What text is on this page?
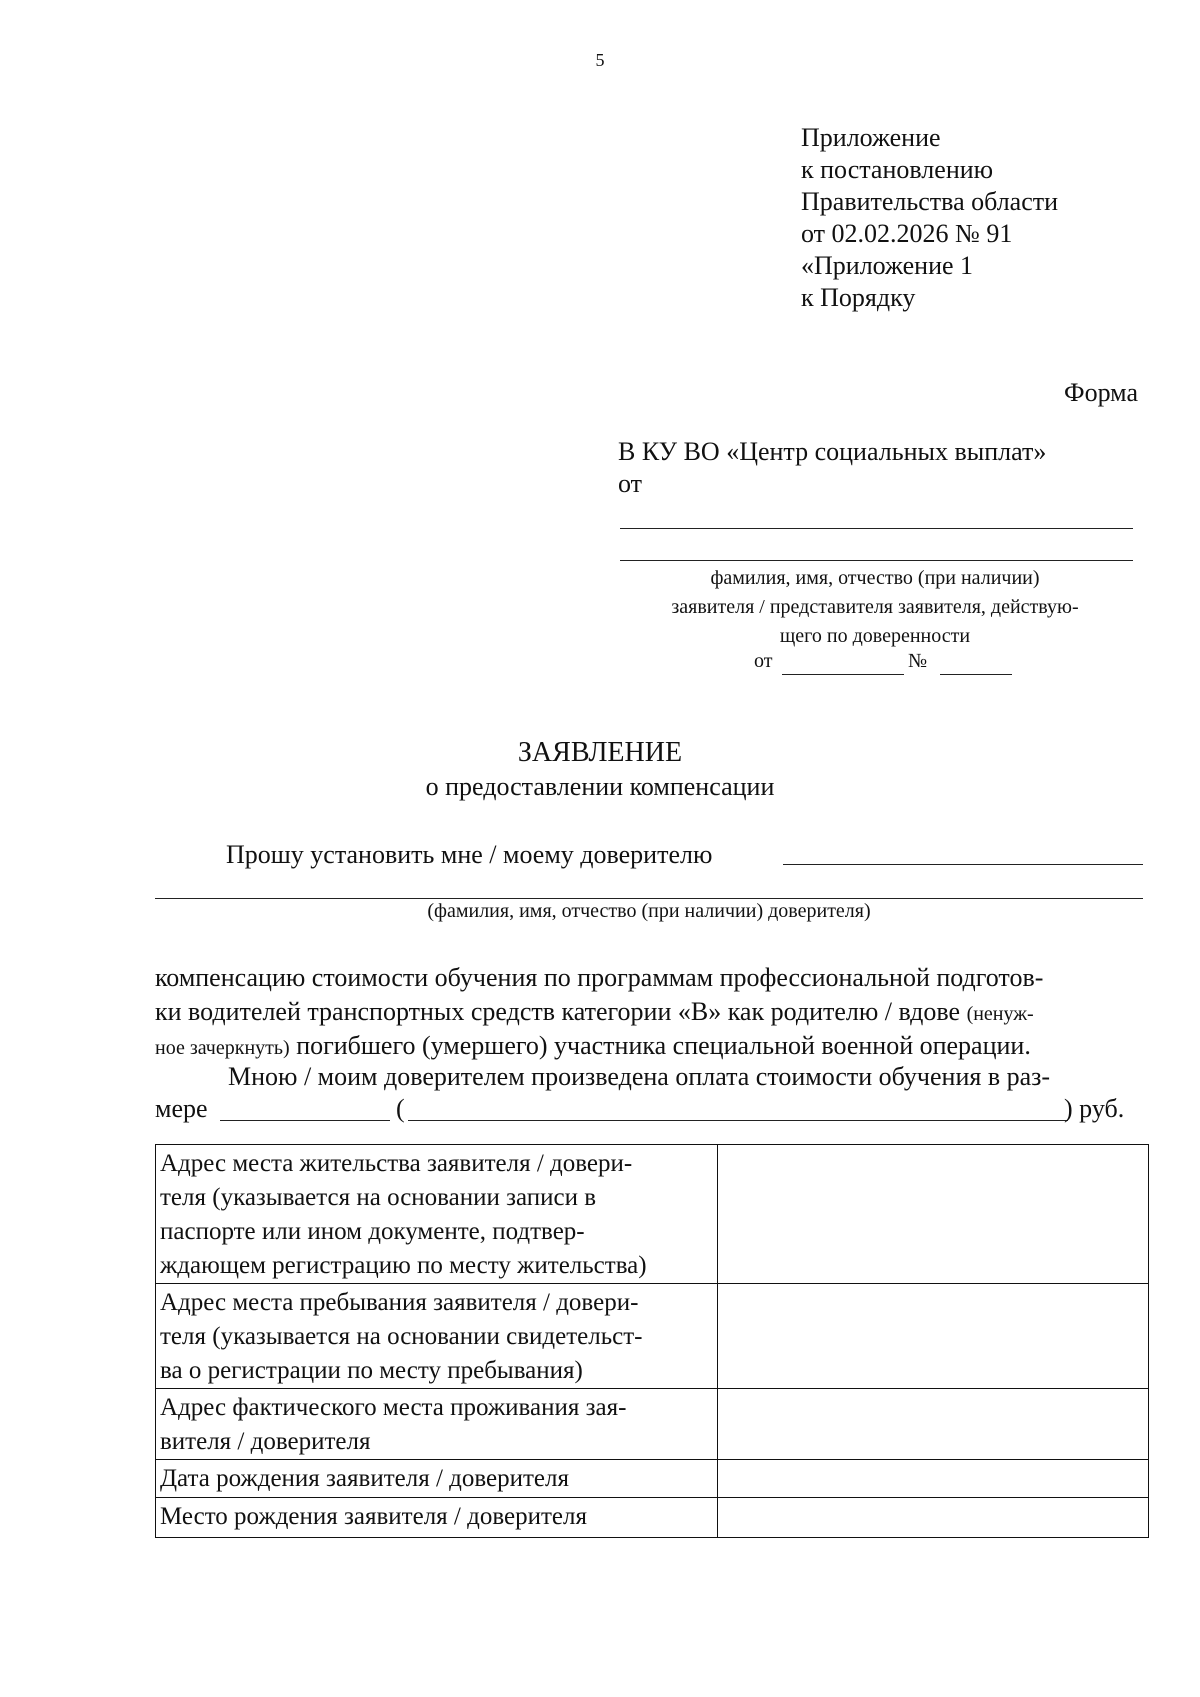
5
Приложение
к постановлению
Правительства области
от 02.02.2026 № 91
«Приложение 1
к Порядку
Форма
В КУ ВО «Центр социальных выплат»
от
фамилия, имя, отчество (при наличии)
заявителя / представителя заявителя, действую-
щего по доверенности
от	№
ЗАЯВЛЕНИЕ
о предоставлении компенсации
Прошу установить мне / моему доверителю
(фамилия, имя, отчество (при наличии) доверителя)
компенсацию стоимости обучения по программам профессиональной подготов-
ки водителей транспортных средств категории «В» как родителю / вдове (ненуж-
ное зачеркнуть) погибшего (умершего) участника специальной военной операции.
Мною / моим доверителем произведена оплата стоимости обучения в раз-
мере	(	) руб.
Адрес места жительства заявителя / довери-
теля (указывается на основании записи в
паспорте или ином документе, подтвер-
ждающем регистрацию по месту жительства)	

Адрес места пребывания заявителя / довери-
теля (указывается на основании свидетельст-
ва о регистрации по месту пребывания)	

Адрес фактического места проживания зая-
вителя / доверителя	

Дата рождения заявителя / доверителя	

Место рождения заявителя / доверителя	
